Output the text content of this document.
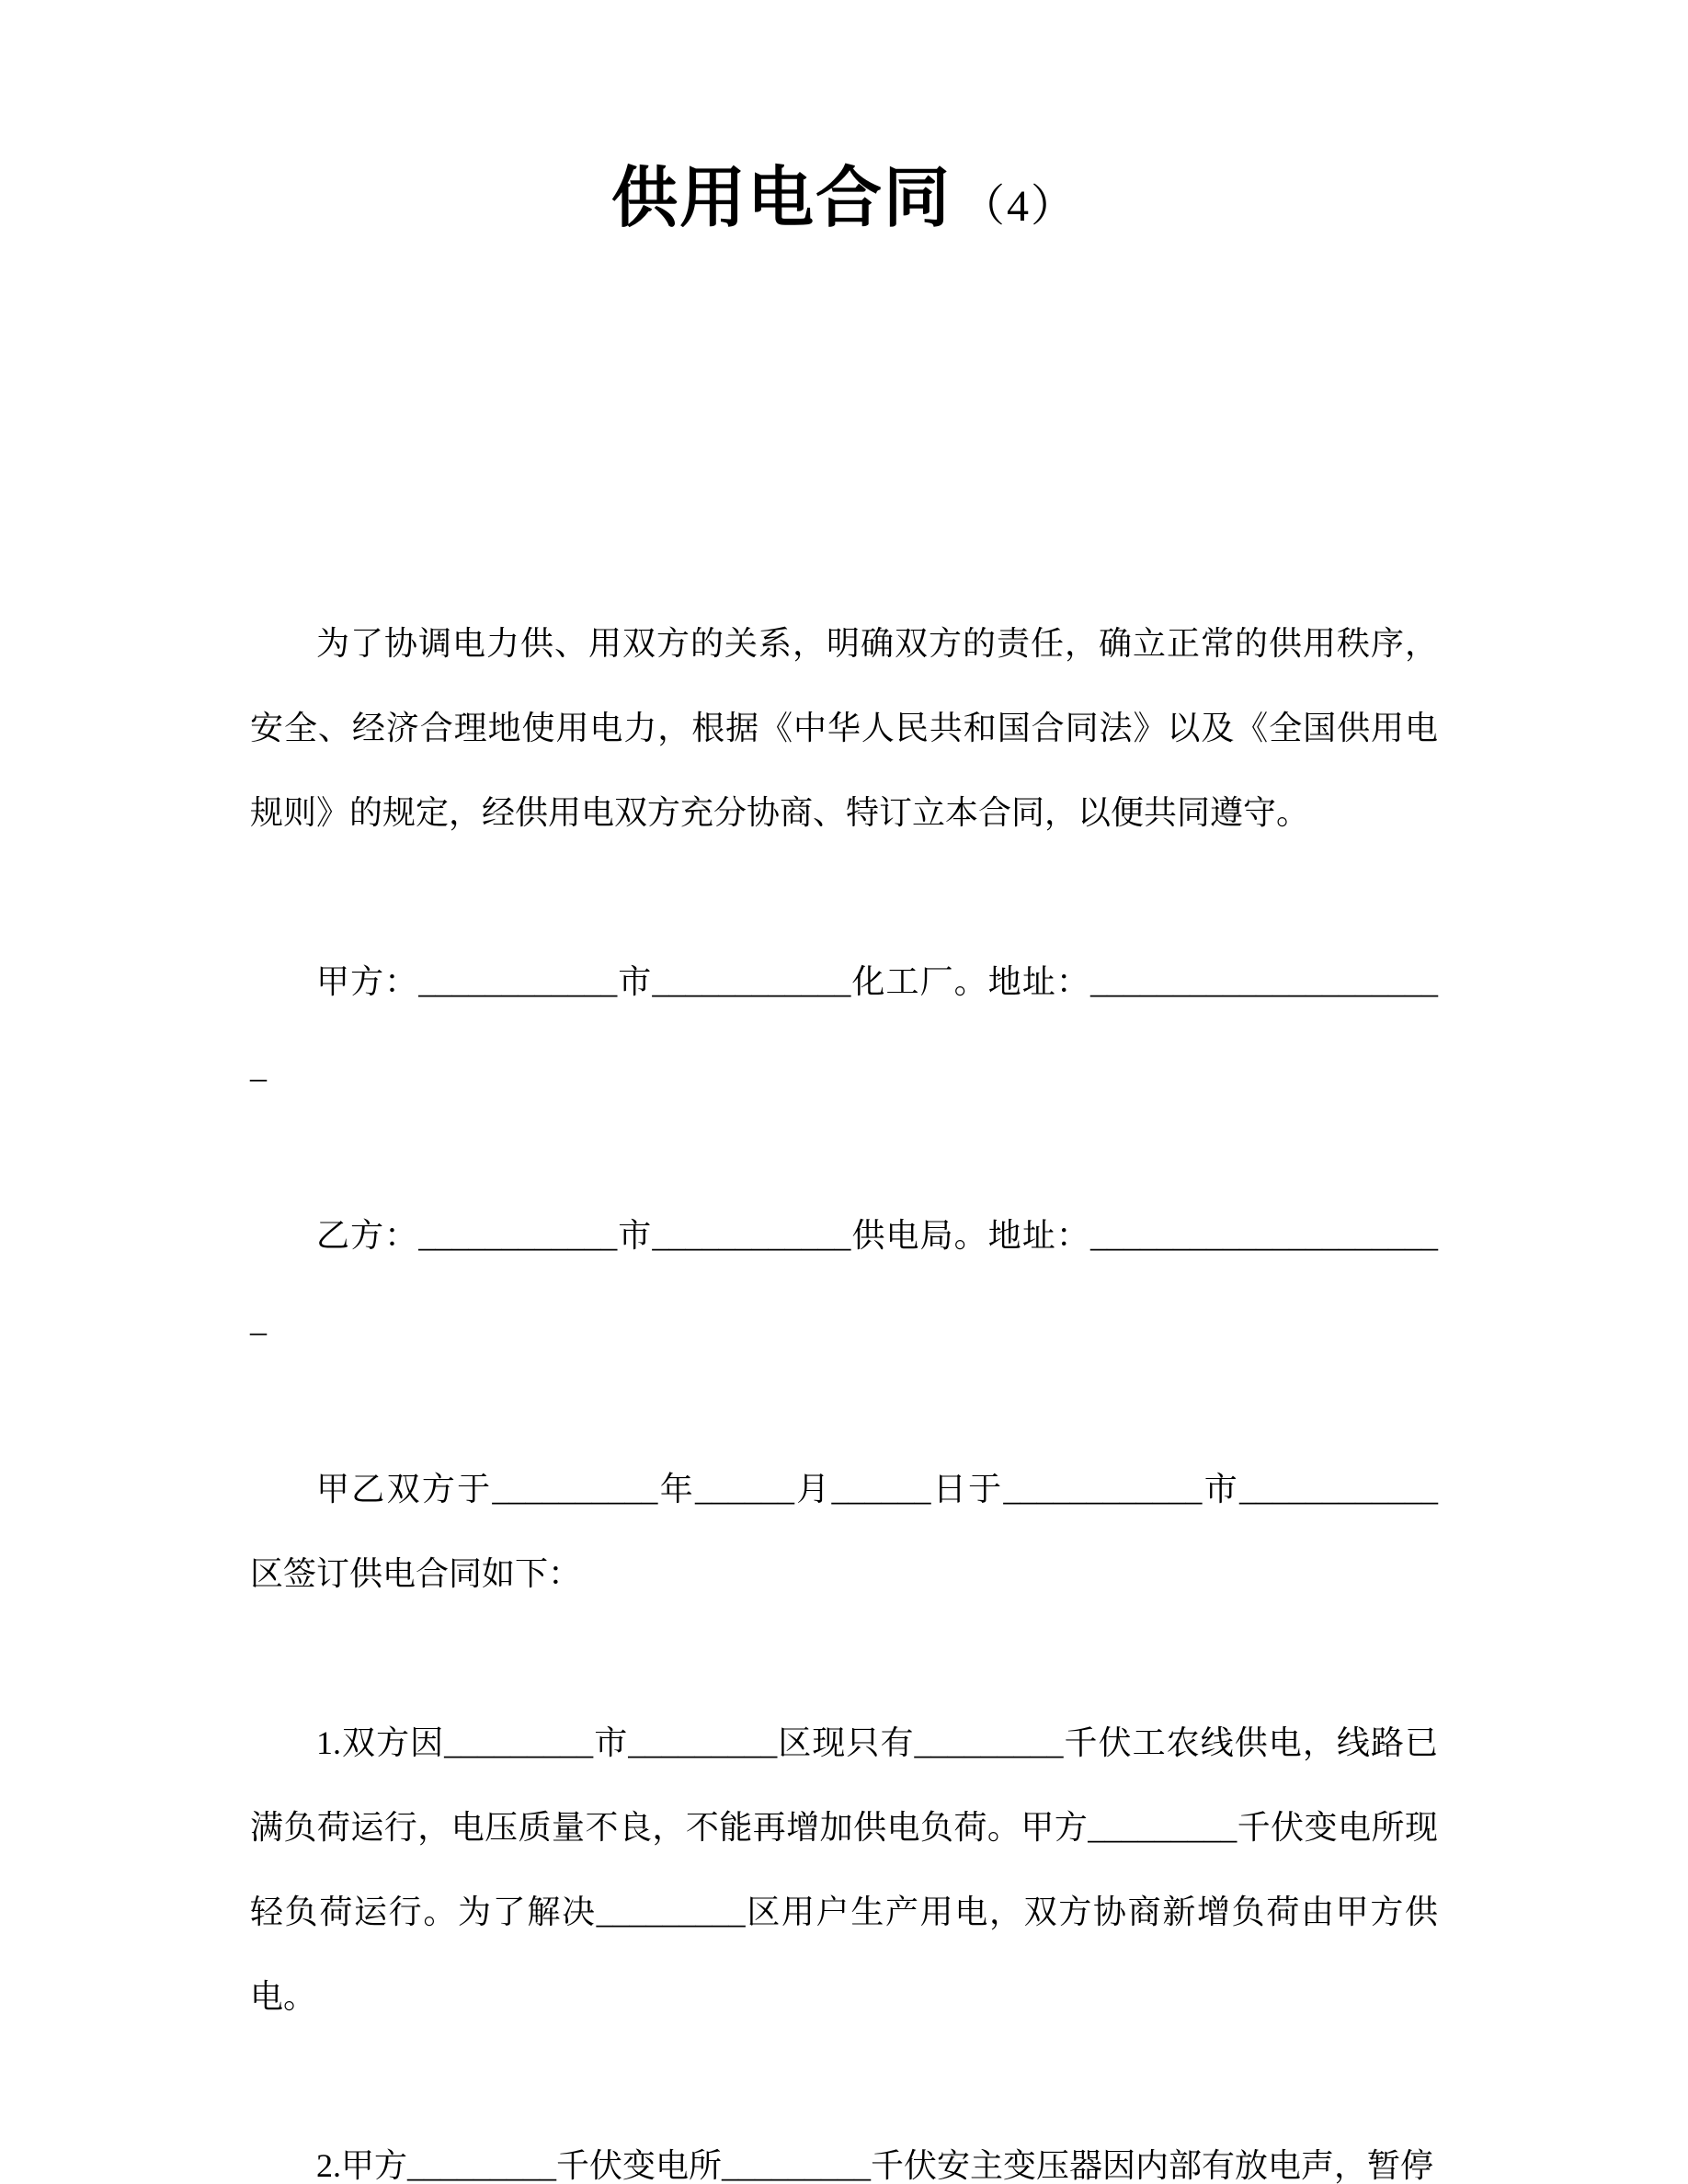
供用电合同 （4）

为了协调电力供、用双方的关系，明确双方的责任，确立正常的供用秩序，安全、经济合理地使用电力，根据《中华人民共和国合同法》以及《全国供用电规则》的规定，经供用电双方充分协商、特订立本合同，以便共同遵守。

甲方：____________市____________化工厂。地址：______________________

乙方：____________市____________供电局。地址：______________________

甲乙双方于__________年______月______日于____________市____________区签订供电合同如下：

1.双方因_________市_________区现只有_________千伏工农线供电，线路已满负荷运行，电压质量不良，不能再增加供电负荷。甲方_________千伏变电所现轻负荷运行。为了解决_________区用户生产用电，双方协商新增负荷由甲方供电。

2.甲方_________千伏变电所_________千伏安主变压器因内部有放电声，暂停
